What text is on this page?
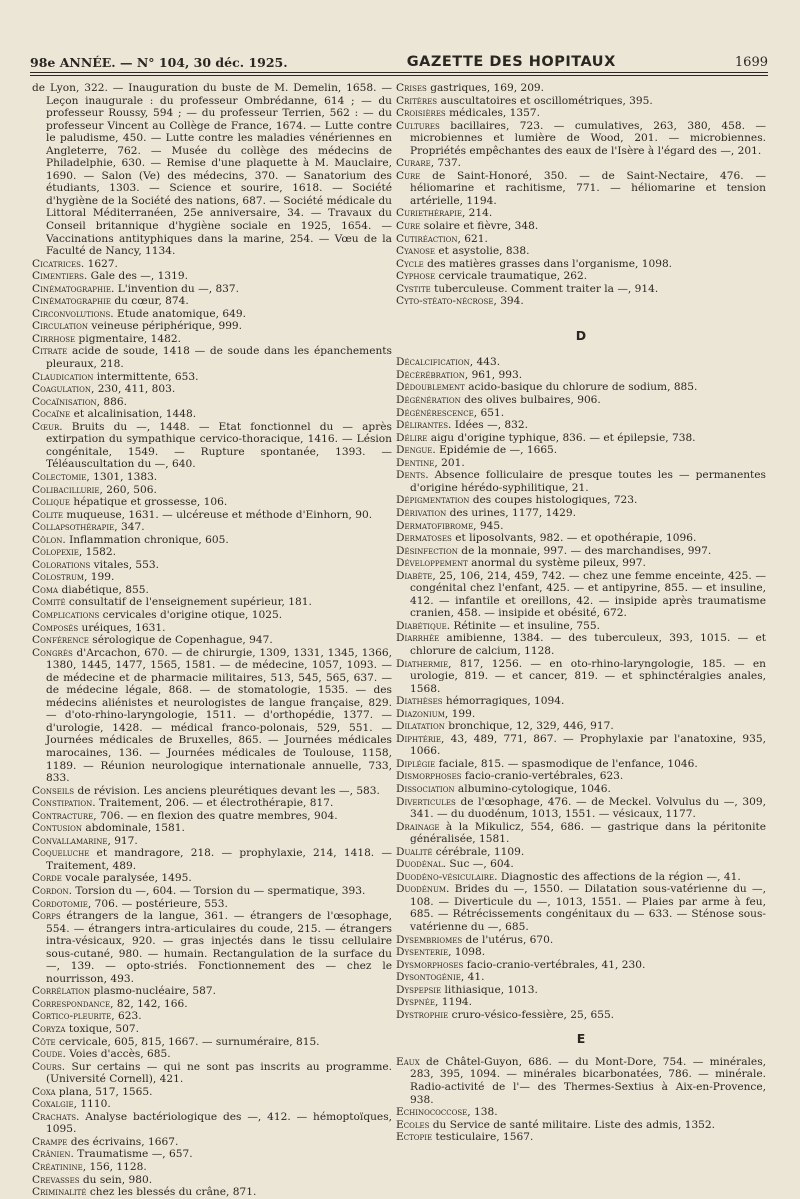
98e ANNÉE. — N° 104, 30 déc. 1925.	GAZETTE DES HOPITAUX	1699

de Lyon, 322. — Inauguration du buste de M. Demelin, 1658. — Leçon inaugurale : du professeur Ombrédanne, 614 ; — du professeur Roussy, 594 ; — du professeur Terrien, 562 : — du professeur Vincent au Collège de France, 1674. — Lutte contre le paludisme, 450. — Lutte contre les maladies vénériennes en Angleterre, 762. — Musée du collège des médecins de Philadelphie, 630. — Remise d'une plaquette à M. Mauclaire, 1690. — Salon (Ve) des médecins, 370. — Sanatorium des étudiants, 1303. — Science et sourire, 1618. — Société d'hygiène de la Société des nations, 687. — Société médicale du Littoral Méditerranéen, 25e anniversaire, 34. — Travaux du Conseil britannique d'hygiène sociale en 1925, 1654. — Vaccinations antityphiques dans la marine, 254. — Vœu de la Faculté de Nancy, 1134.

Cicatrices. 1627.

Cimentiers. Gale des —, 1319.

Cinématographie. L'invention du —, 837.

Cinématographie du cœur, 874.

Circonvolutions. Etude anatomique, 649.

Circulation veineuse périphérique, 999.

Cirrhose pigmentaire, 1482.

Citrate acide de soude, 1418 — de soude dans les épanchements pleuraux, 218.

Claudication intermittente, 653.

Coagulation, 230, 411, 803.

Cocaïnisation, 886.

Cocaïne et alcalinisation, 1448.

Cœur. Bruits du —, 1448. — Etat fonctionnel du — après extirpation du sympathique cervico-thoracique, 1416. — Lésion congénitale, 1549. — Rupture spontanée, 1393. — Téléauscultation du —, 640.

Colectomie, 1301, 1383.

Colibacillurie, 260, 506.

Colique hépatique et grossesse, 106.

Colite muqueuse, 1631. — ulcéreuse et méthode d'Einhorn, 90.

Collapsothérapie, 347.

Côlon. Inflammation chronique, 605.

Colopexie, 1582.

Colorations vitales, 553.

Colostrum, 199.

Coma diabétique, 855.

Comité consultatif de l'enseignement supérieur, 181.

Complications cervicales d'origine otique, 1025.

Composés uréiques, 1631.

Conférence sérologique de Copenhague, 947.

Congrès d'Arcachon, 670. — de chirurgie, 1309, 1331, 1345, 1366, 1380, 1445, 1477, 1565, 1581. — de médecine, 1057, 1093. — de médecine et de pharmacie militaires, 513, 545, 565, 637. — de médecine légale, 868. — de stomatologie, 1535. — des médecins aliénistes et neurologistes de langue française, 829. — d'oto-rhino-laryngologie, 1511. — d'orthopédie, 1377. — d'urologie, 1428. — médical franco-polonais, 529, 551. — Journées médicales de Bruxelles, 865. — Journées médicales marocaines, 136. — Journées médicales de Toulouse, 1158, 1189. — Réunion neurologique internationale annuelle, 733, 833.

Conseils de révision. Les anciens pleurétiques devant les —, 583.

Constipation. Traitement, 206. — et électrothérapie, 817.

Contracture, 706. — en flexion des quatre membres, 904.

Contusion abdominale, 1581.

Convallamarine, 917.

Coqueluche et mandragore, 218. — prophylaxie, 214, 1418. — Traitement, 489.

Corde vocale paralysée, 1495.

Cordon. Torsion du —, 604. — Torsion du — spermatique, 393.

Cordotomie, 706. — postérieure, 553.

Corps étrangers de la langue, 361. — étrangers de l'œsophage, 554. — étrangers intra-articulaires du coude, 215. — étrangers intra-vésicaux, 920. — gras injectés dans le tissu cellulaire sous-cutané, 980. — humain. Rectangulation de la surface du —, 139. — opto-striés. Fonctionnement des — chez le nourrisson, 493.

Corrélation plasmo-nucléaire, 587.

Correspondance, 82, 142, 166.

Cortico-pleurite, 623.

Coryza toxique, 507.

Côte cervicale, 605, 815, 1667. — surnuméraire, 815.

Coude. Voies d'accès, 685.

Cours. Sur certains — qui ne sont pas inscrits au programme. (Université Cornell), 421.

Coxa plana, 517, 1565.

Coxalgie, 1110.

Crachats. Analyse bactériologique des —, 412. — hémoptoïques, 1095.

Crampe des écrivains, 1667.

Crânien. Traumatisme —, 657.

Créatinine, 156, 1128.

Crevasses du sein, 980.

Criminalité chez les blessés du crâne, 871.

Crises gastriques, 169, 209.

Critères auscultatoires et oscillométriques, 395.

Croisières médicales, 1357.

Cultures bacillaires, 723. — cumulatives, 263, 380, 458. — microbiennes et lumière de Wood, 201. — microbiennes. Propriétés empêchantes des eaux de l'Isère à l'égard des —, 201.

Curare, 737.

Cure de Saint-Honoré, 350. — de Saint-Nectaire, 476. — héliomarine et rachitisme, 771. — héliomarine et tension artérielle, 1194.

Curiethérapie, 214.

Cure solaire et fièvre, 348.

Cutiréaction, 621.

Cyanose et asystolie, 838.

Cycle des matières grasses dans l'organisme, 1098.

Cyphose cervicale traumatique, 262.

Cystite tuberculeuse. Comment traiter la —, 914.

Cyto-stéato-nécrose, 394.

D

Décalcification, 443.

Décérébration, 961, 993.

Dédoublement acido-basique du chlorure de sodium, 885.

Dégénération des olives bulbaires, 906.

Dégénérescence, 651.

Délirantes. Idées —, 832.

Délire aigu d'origine typhique, 836. — et épilepsie, 738.

Dengue. Epidémie de —, 1665.

Dentine, 201.

Dents. Absence folliculaire de presque toutes les — permanentes d'origine hérédo-syphilitique, 21.

Dépigmentation des coupes histologiques, 723.

Dérivation des urines, 1177, 1429.

Dermatofibrome, 945.

Dermatoses et liposolvants, 982. — et opothérapie, 1096.

Désinfection de la monnaie, 997. — des marchandises, 997.

Développement anormal du système pileux, 997.

Diabète, 25, 106, 214, 459, 742. — chez une femme enceinte, 425. — congénital chez l'enfant, 425. — et antipyrine, 855. — et insuline, 412. — infantile et oreillons, 42. — insipide après traumatisme cranien, 458. — insipide et obésité, 672.

Diabétique. Rétinite — et insuline, 755.

Diarrhée amibienne, 1384. — des tuberculeux, 393, 1015. — et chlorure de calcium, 1128.

Diathermie, 817, 1256. — en oto-rhino-laryngologie, 185. — en urologie, 819. — et cancer, 819. — et sphinctéralgies anales, 1568.

Diathèses hémorragiques, 1094.

Diazonium, 199.

Dilatation bronchique, 12, 329, 446, 917.

Diphtérie, 43, 489, 771, 867. — Prophylaxie par l'anatoxine, 935, 1066.

Diplégie faciale, 815. — spasmodique de l'enfance, 1046.

Dismorphoses facio-cranio-vertébrales, 623.

Dissociation albumino-cytologique, 1046.

Diverticules de l'œsophage, 476. — de Meckel. Volvulus du —, 309, 341. — du duodénum, 1013, 1551. — vésicaux, 1177.

Drainage à la Mikulicz, 554, 686. — gastrique dans la péritonite généralisée, 1581.

Dualité cérébrale, 1109.

Duodénal. Suc —, 604.

Duodéno-vésiculaire. Diagnostic des affections de la région —, 41.

Duodénum. Brides du —, 1550. — Dilatation sous-vatérienne du —, 108. — Diverticule du —, 1013, 1551. — Plaies par arme à feu, 685. — Rétrécissements congénitaux du — 633. — Sténose sous-vatérienne du —, 685.

Dysembriomes de l'utérus, 670.

Dysenterie, 1098.

Dysmorphoses facio-cranio-vertébrales, 41, 230.

Dysontogénie, 41.

Dyspepsie lithiasique, 1013.

Dyspnée, 1194.

Dystrophie cruro-vésico-fessière, 25, 655.

E

Eaux de Châtel-Guyon, 686. — du Mont-Dore, 754. — minérales, 283, 395, 1094. — minérales bicarbonatées, 786. — minérale. Radio-activité de l'— des Thermes-Sextius à Aix-en-Provence, 938.

Echinococcose, 138.

Ecoles du Service de santé militaire. Liste des admis, 1352.

Ectopie testiculaire, 1567.
